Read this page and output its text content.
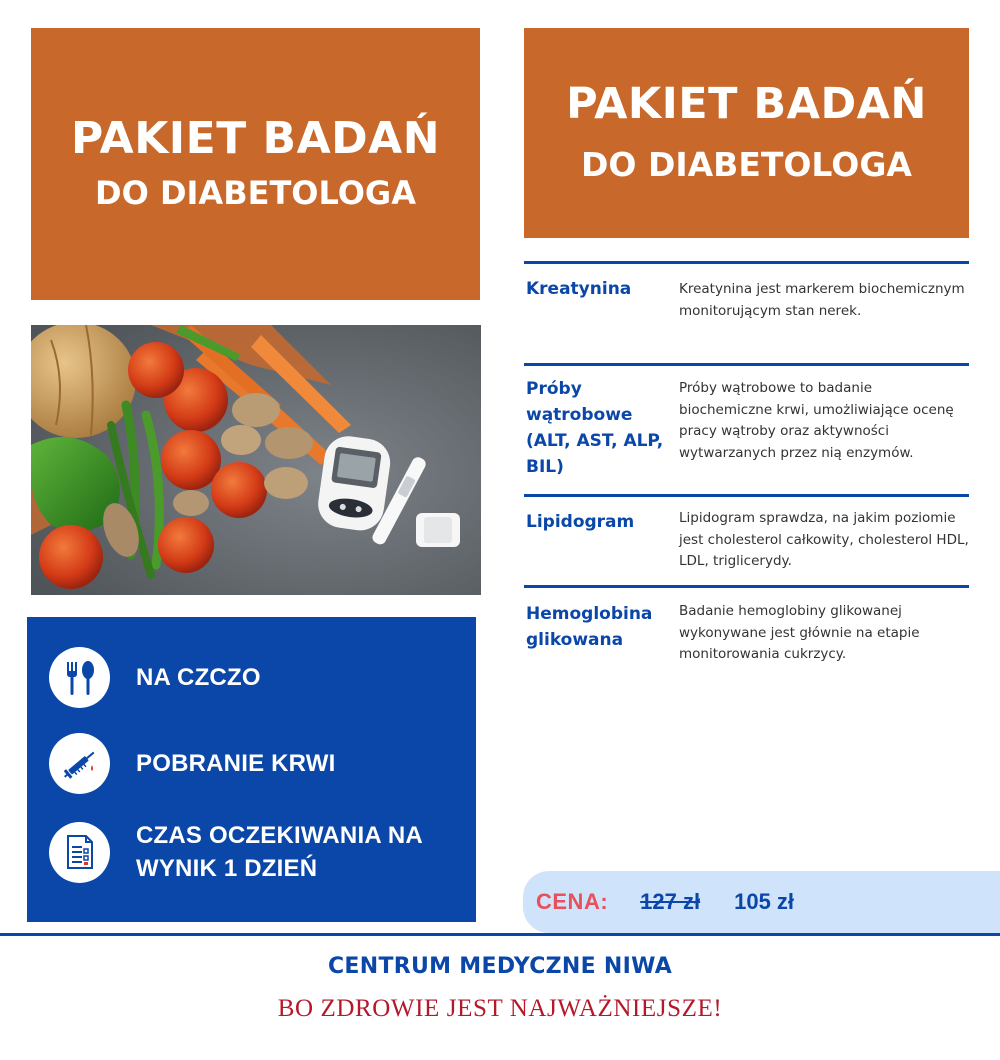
PAKIET BADAŃ
DO DIABETOLOGA
PAKIET BADAŃ
DO DIABETOLOGA
NA CZCZO
POBRANIE KRWI
CZAS OCZEKIWANIA NA WYNIK 1 DZIEŃ
Kreatynina	Kreatynina jest markerem biochemicznym monitorującym stan nerek.
Próby wątrobowe (ALT, AST, ALP, BIL)
Próby wątrobowe to badanie biochemiczne krwi, umożliwiające ocenę pracy wątroby oraz aktywności wytwarzanych przez nią enzymów.
Lipidogram	Lipidogram sprawdza, na jakim poziomie jest cholesterol całkowity, cholesterol HDL, LDL, triglicerydy.
Hemoglobina glikowana
Badanie hemoglobiny glikowanej wykonywane jest głównie na etapie monitorowania cukrzycy.
CENA: 127 zł 105 zł
CENTRUM MEDYCZNE NIWA
BO ZDROWIE JEST NAJWAŻNIEJSZE!
